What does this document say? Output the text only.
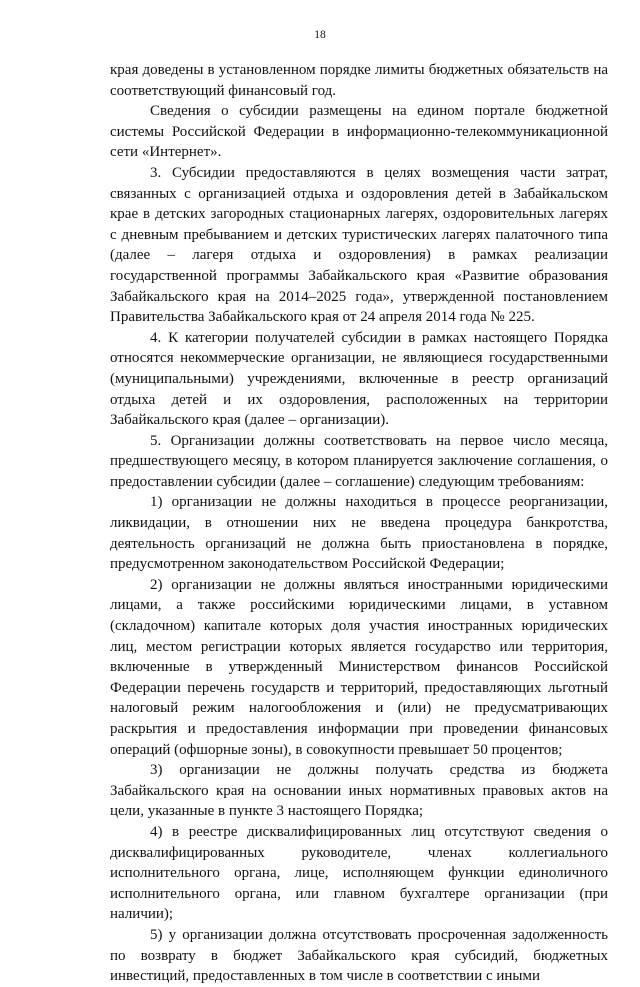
18

края доведены в установленном порядке лимиты бюджетных обязательств на соответствующий финансовый год.

Сведения о субсидии размещены на едином портале бюджетной системы Российской Федерации в информационно-телекоммуникационной сети «Интернет».

3. Субсидии предоставляются в целях возмещения части затрат, связанных с организацией отдыха и оздоровления детей в Забайкальском крае в детских загородных стационарных лагерях, оздоровительных лагерях с дневным пребыванием и детских туристических лагерях палаточного типа (далее – лагеря отдыха и оздоровления) в рамках реализации государственной программы Забайкальского края «Развитие образования Забайкальского края на 2014–2025 года», утвержденной постановлением Правительства Забайкальского края от 24 апреля 2014 года № 225.

4. К категории получателей субсидии в рамках настоящего Порядка относятся некоммерческие организации, не являющиеся государственными (муниципальными) учреждениями, включенные в реестр организаций отдыха детей и их оздоровления, расположенных на территории Забайкальского края (далее – организации).

5. Организации должны соответствовать на первое число месяца, предшествующего месяцу, в котором планируется заключение соглашения, о предоставлении субсидии (далее – соглашение) следующим требованиям:

1) организации не должны находиться в процессе реорганизации, ликвидации, в отношении них не введена процедура банкротства, деятельность организаций не должна быть приостановлена в порядке, предусмотренном законодательством Российской Федерации;

2) организации не должны являться иностранными юридическими лицами, а также российскими юридическими лицами, в уставном (складочном) капитале которых доля участия иностранных юридических лиц, местом регистрации которых является государство или территория, включенные в утвержденный Министерством финансов Российской Федерации перечень государств и территорий, предоставляющих льготный налоговый режим налогообложения и (или) не предусматривающих раскрытия и предоставления информации при проведении финансовых операций (офшорные зоны), в совокупности превышает 50 процентов;

3) организации не должны получать средства из бюджета Забайкальского края на основании иных нормативных правовых актов на цели, указанные в пункте 3 настоящего Порядка;

4) в реестре дисквалифицированных лиц отсутствуют сведения о дисквалифицированных руководителе, членах коллегиального исполнительного органа, лице, исполняющем функции единоличного исполнительного органа, или главном бухгалтере организации (при наличии);

5) у организации должна отсутствовать просроченная задолженность по возврату в бюджет Забайкальского края субсидий, бюджетных инвестиций, предоставленных в том числе в соответствии с иными
